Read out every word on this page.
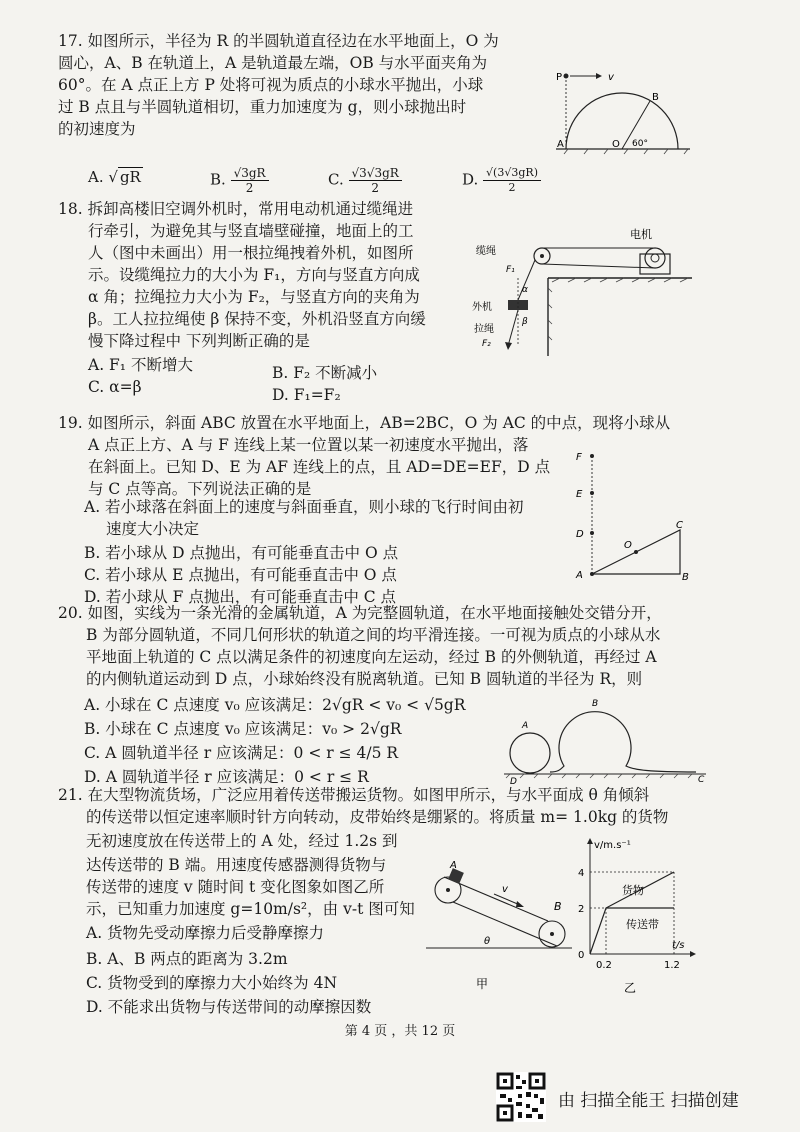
17. 如图所示，半径为 R 的半圆轨道直径边在水平地面上，O 为
圆心，A、B 在轨道上，A 是轨道最左端，OB 与水平面夹角为
60°。在 A 点正上方 P 处将可视为质点的小球水平抛出，小球
过 B 点且与半圆轨道相切，重力加速度为 g，则小球抛出时
的初速度为
A. √ gR	B. $\frac{√3gR}{2}$	C. $\frac{√3√3gR}{2}$	D. $\frac{√(3√3gR)}{2}$
P	v
B
A	O 60°
18. 拆卸高楼旧空调外机时，常用电动机通过缆绳进
行牵引，为避免其与竖直墙壁碰撞，地面上的工
人（图中未画出）用一根拉绳拽着外机，如图所
示。设缆绳拉力的大小为 F₁，方向与竖直方向成
α 角；拉绳拉力大小为 F₂，与竖直方向的夹角为
β。工人拉拉绳使 β 保持不变，外机沿竖直方向缓
慢下降过程中 下列判断正确的是
A. F₁ 不断增大	B. F₂ 不断减小
C. α=β	D. F₁=F₂
电机
缆绳
F₁
α
外机
β
拉绳
F₂
19. 如图所示，斜面 ABC 放置在水平地面上，AB=2BC，O 为 AC 的中点，现将小球从
A 点正上方、A 与 F 连线上某一位置以某一初速度水平抛出，落
在斜面上。已知 D、E 为 AF 连线上的点，且 AD=DE=EF，D 点
与 C 点等高。下列说法正确的是
A. 若小球落在斜面上的速度与斜面垂直，则小球的飞行时间由初
速度大小决定
B. 若小球从 D 点抛出，有可能垂直击中 O 点
C. 若小球从 E 点抛出，有可能垂直击中 O 点
D. 若小球从 F 点抛出，有可能垂直击中 C 点
F
E
D
O
C
A	B
20. 如图，实线为一条光滑的金属轨道，A 为完整圆轨道，在水平地面接触处交错分开，
B 为部分圆轨道，不同几何形状的轨道之间的均平滑连接。一可视为质点的小球从水
平地面上轨道的 C 点以满足条件的初速度向左运动，经过 B 的外侧轨道，再经过 A
的内侧轨道运动到 D 点，小球始终没有脱离轨道。已知 B 圆轨道的半径为 R，则
A. 小球在 C 点速度 v₀ 应该满足：2√gR < v₀ < √5gR
B. 小球在 C 点速度 v₀ 应该满足：v₀ > 2√gR
C. A 圆轨道半径 r 应该满足：0 < r ≤ 4/5 R
D. A 圆轨道半径 r 应该满足：0 < r ≤ R
A
B
C
D
21. 在大型物流货场，广泛应用着传送带搬运货物。如图甲所示，与水平面成 θ 角倾斜
的传送带以恒定速率顺时针方向转动，皮带始终是绷紧的。将质量 m= 1.0kg 的货物
无初速度放在传送带上的 A 处，经过 1.2s 到
达传送带的 B 端。用速度传感器测得货物与
传送带的速度 v 随时间 t 变化图象如图乙所
示，已知重力加速度 g=10m/s²，由 v-t 图可知
A. 货物先受动摩擦力后受静摩擦力
B. A、B 两点的距离为 3.2m
C. 货物受到的摩擦力大小始终为 4N
D. 不能求出货物与传送带间的动摩擦因数
A
v
B
θ
甲
v/m.s⁻¹
t/s
4
2
0
0.2	1.2
货物
传送带
乙
第 4 页 ，共 12 页
由 扫描全能王 扫描创建
